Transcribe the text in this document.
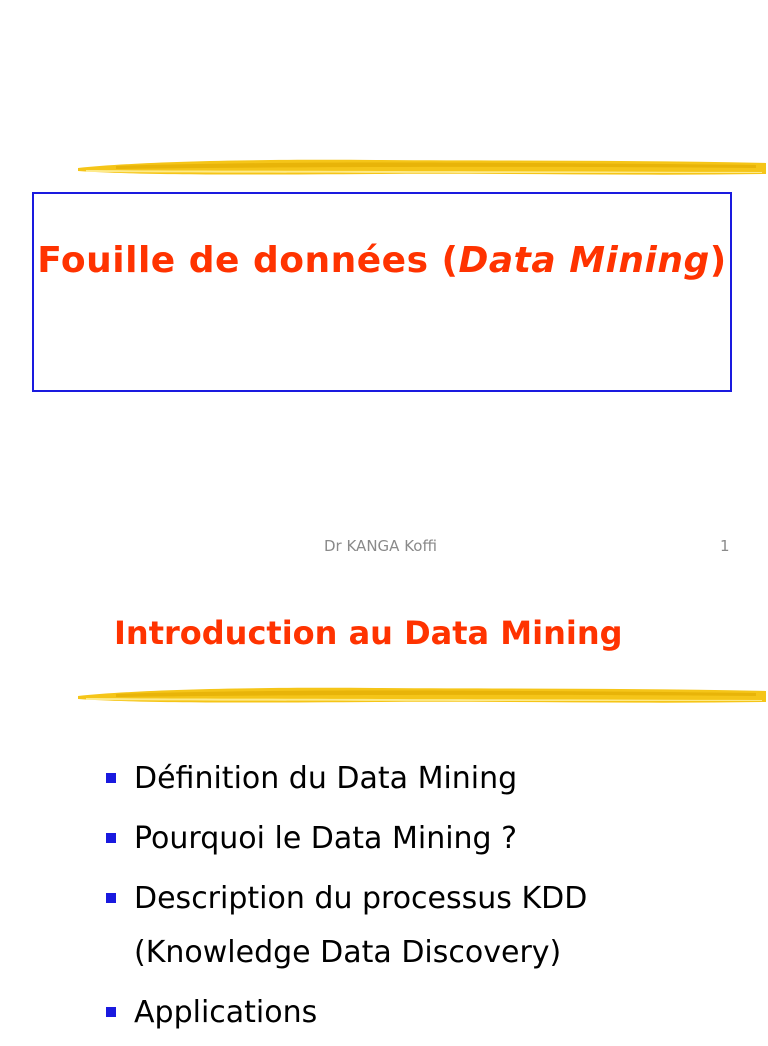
Fouille de données (Data Mining)
Dr KANGA Koffi	1
Introduction au Data Mining
Définition du Data Mining
Pourquoi le Data Mining ?
Description du processus KDD
(Knowledge Data Discovery)
Applications
